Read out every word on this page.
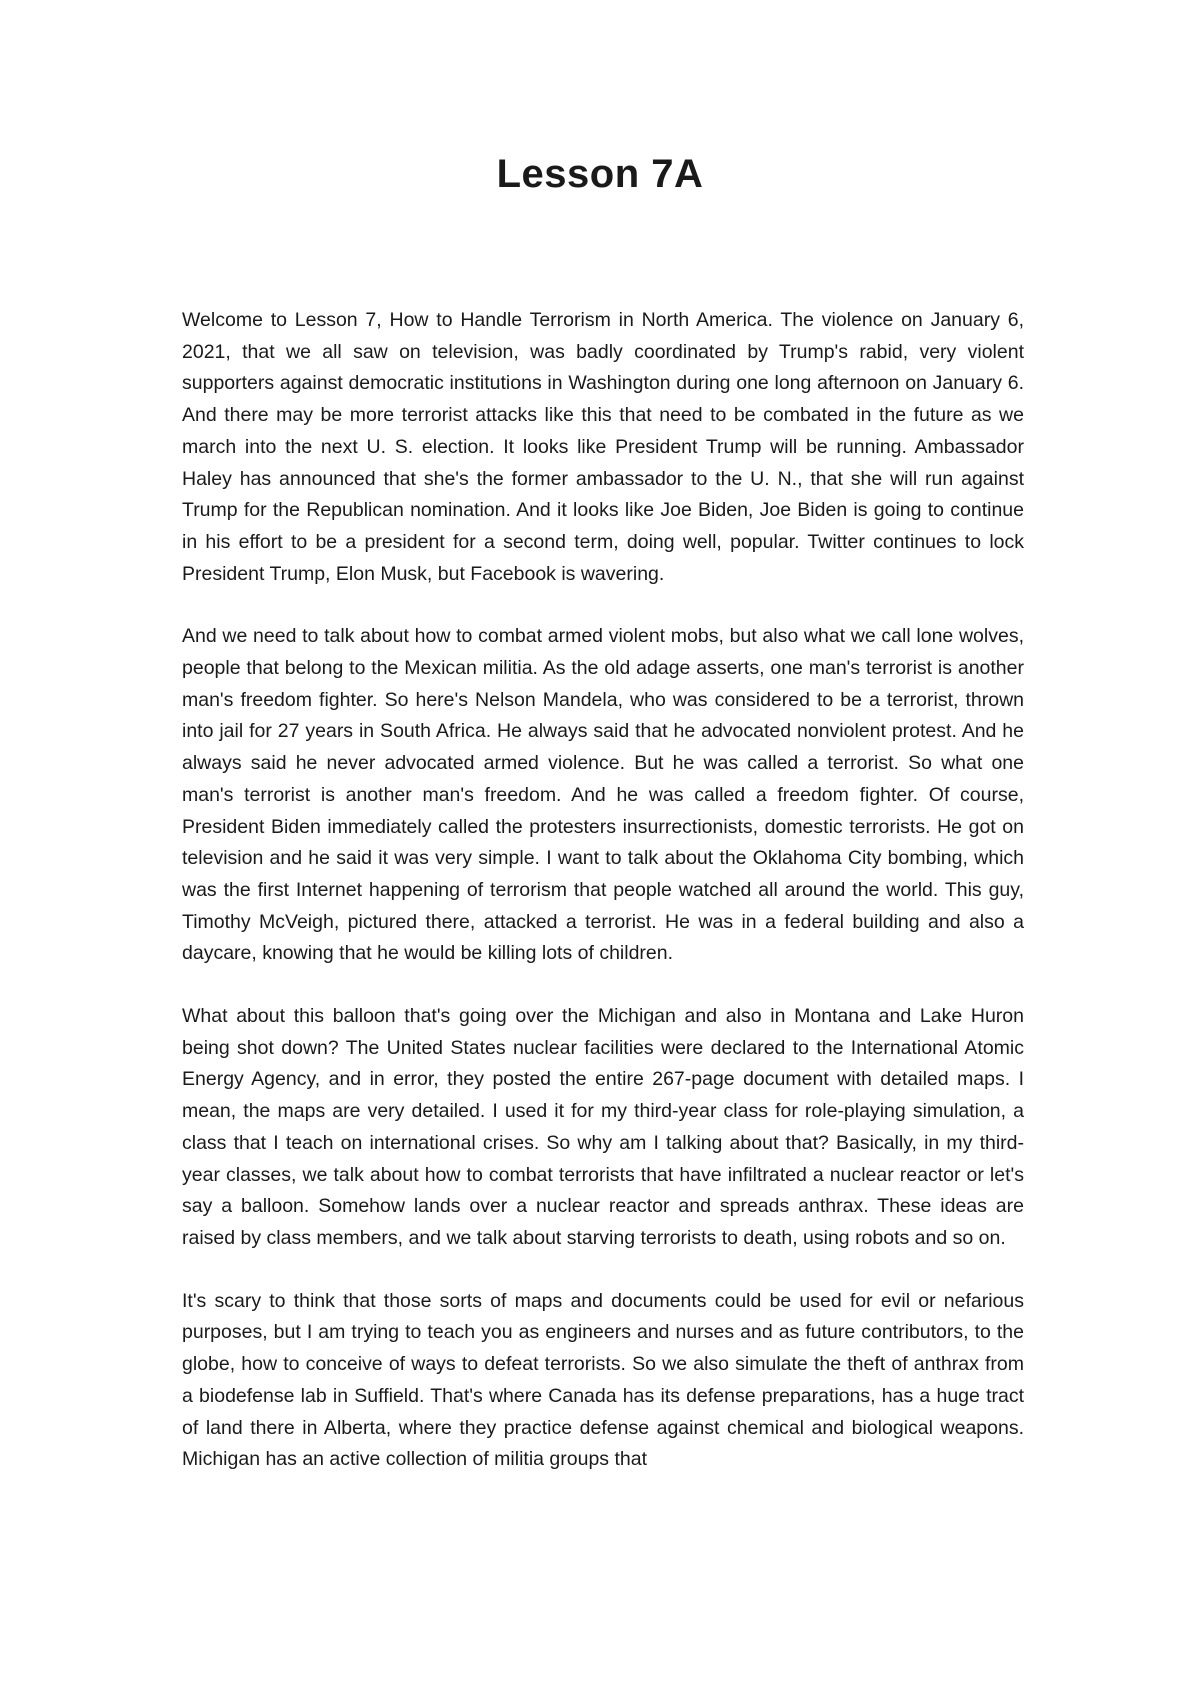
Lesson 7A

Welcome to Lesson 7, How to Handle Terrorism in North America. The violence on January 6, 2021, that we all saw on television, was badly coordinated by Trump's rabid, very violent supporters against democratic institutions in Washington during one long afternoon on January 6. And there may be more terrorist attacks like this that need to be combated in the future as we march into the next U. S. election. It looks like President Trump will be running. Ambassador Haley has announced that she's the former ambassador to the U. N., that she will run against Trump for the Republican nomination. And it looks like Joe Biden, Joe Biden is going to continue in his effort to be a president for a second term, doing well, popular. Twitter continues to lock President Trump, Elon Musk, but Facebook is wavering.

And we need to talk about how to combat armed violent mobs, but also what we call lone wolves, people that belong to the Mexican militia. As the old adage asserts, one man's terrorist is another man's freedom fighter. So here's Nelson Mandela, who was considered to be a terrorist, thrown into jail for 27 years in South Africa. He always said that he advocated nonviolent protest. And he always said he never advocated armed violence. But he was called a terrorist. So what one man's terrorist is another man's freedom. And he was called a freedom fighter. Of course, President Biden immediately called the protesters insurrectionists, domestic terrorists. He got on television and he said it was very simple. I want to talk about the Oklahoma City bombing, which was the first Internet happening of terrorism that people watched all around the world. This guy, Timothy McVeigh, pictured there, attacked a terrorist. He was in a federal building and also a daycare, knowing that he would be killing lots of children.

What about this balloon that's going over the Michigan and also in Montana and Lake Huron being shot down? The United States nuclear facilities were declared to the International Atomic Energy Agency, and in error, they posted the entire 267-page document with detailed maps. I mean, the maps are very detailed. I used it for my third-year class for role-playing simulation, a class that I teach on international crises. So why am I talking about that? Basically, in my third-year classes, we talk about how to combat terrorists that have infiltrated a nuclear reactor or let's say a balloon. Somehow lands over a nuclear reactor and spreads anthrax. These ideas are raised by class members, and we talk about starving terrorists to death, using robots and so on.

It's scary to think that those sorts of maps and documents could be used for evil or nefarious purposes, but I am trying to teach you as engineers and nurses and as future contributors, to the globe, how to conceive of ways to defeat terrorists. So we also simulate the theft of anthrax from a biodefense lab in Suffield. That's where Canada has its defense preparations, has a huge tract of land there in Alberta, where they practice defense against chemical and biological weapons. Michigan has an active collection of militia groups that
